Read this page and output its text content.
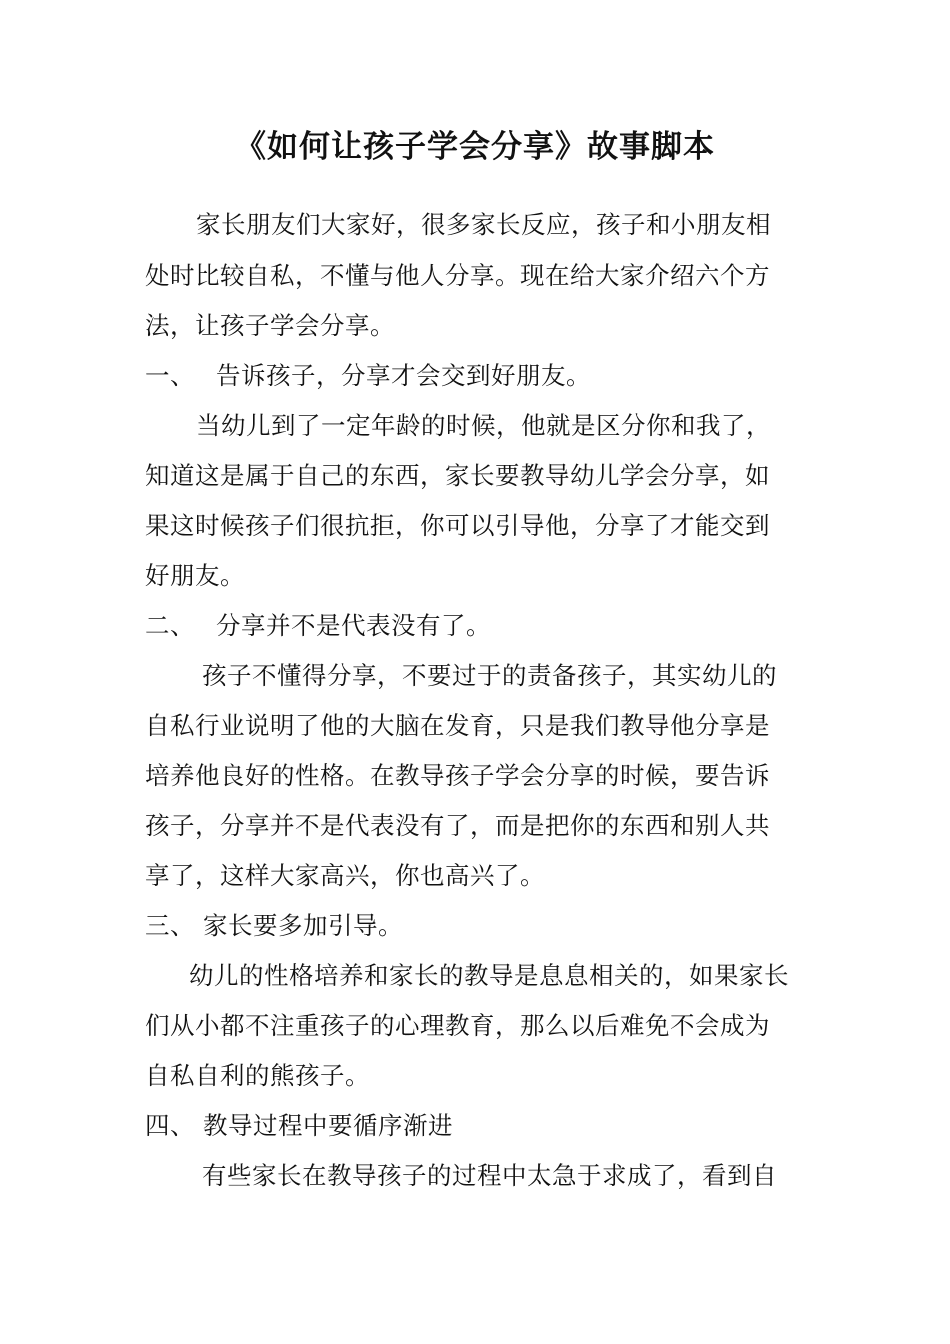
《如何让孩子学会分享》故事脚本
家长朋友们大家好，很多家长反应，孩子和小朋友相
处时比较自私，不懂与他人分享。现在给大家介绍六个方
法，让孩子学会分享。
一、 告诉孩子，分享才会交到好朋友。
当幼儿到了一定年龄的时候，他就是区分你和我了，
知道这是属于自己的东西，家长要教导幼儿学会分享，如
果这时候孩子们很抗拒，你可以引导他，分享了才能交到
好朋友。
二、 分享并不是代表没有了。
孩子不懂得分享，不要过于的责备孩子，其实幼儿的
自私行业说明了他的大脑在发育，只是我们教导他分享是
培养他良好的性格。在教导孩子学会分享的时候，要告诉
孩子，分享并不是代表没有了，而是把你的东西和别人共
享了，这样大家高兴，你也高兴了。
三、 家长要多加引导。
幼儿的性格培养和家长的教导是息息相关的，如果家长
们从小都不注重孩子的心理教育，那么以后难免不会成为
自私自利的熊孩子。
四、 教导过程中要循序渐进
有些家长在教导孩子的过程中太急于求成了，看到自
